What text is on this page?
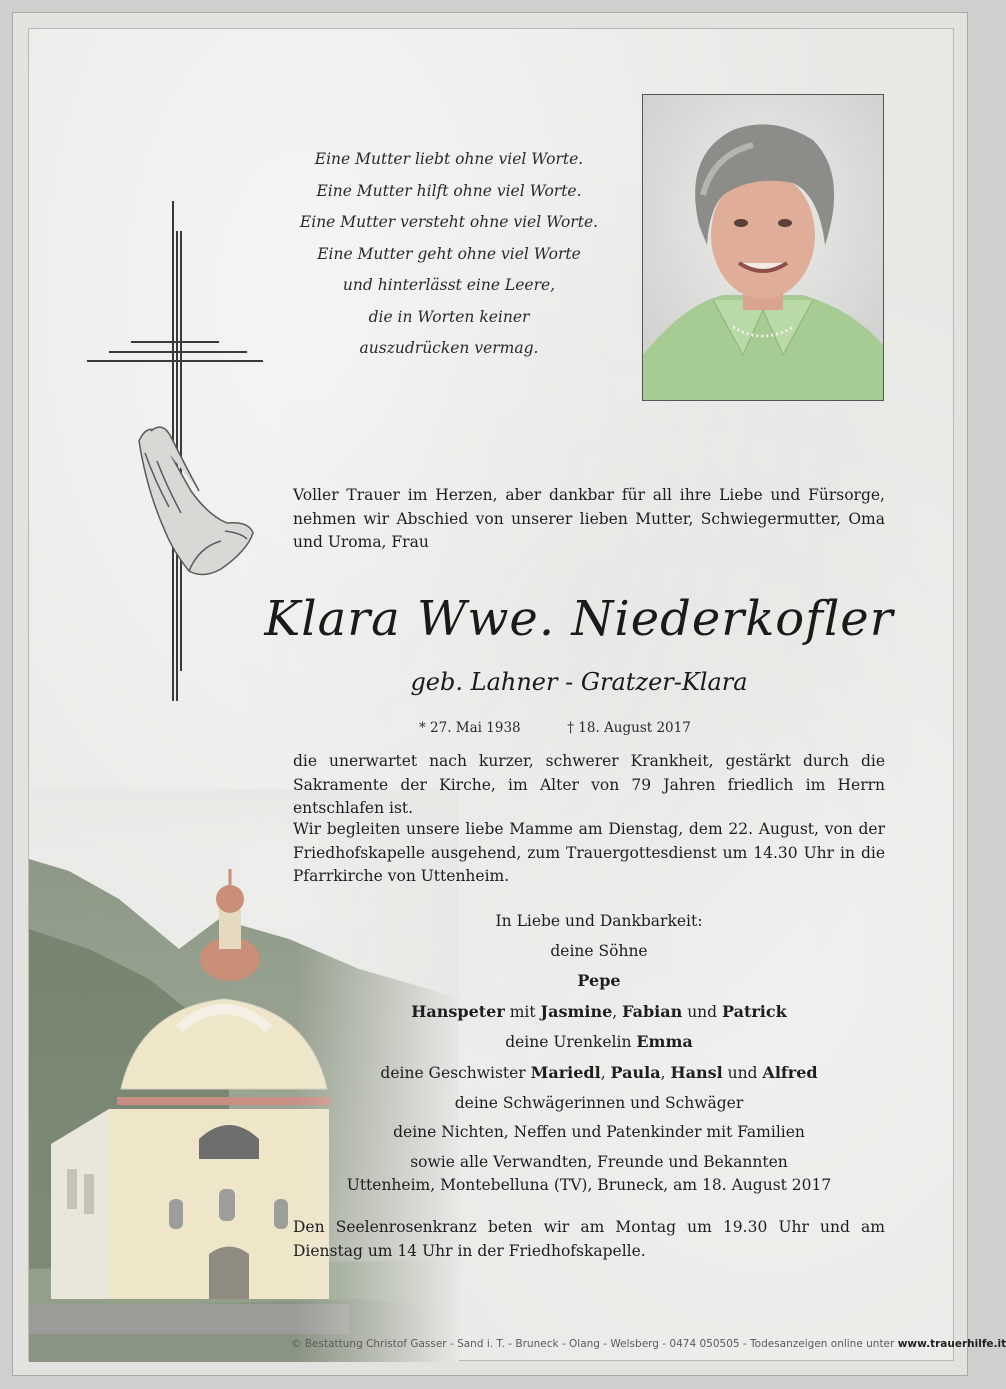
Eine Mutter liebt ohne viel Worte.
Eine Mutter hilft ohne viel Worte.
Eine Mutter versteht ohne viel Worte.
Eine Mutter geht ohne viel Worte
und hinterlässt eine Leere,
die in Worten keiner
auszudrücken vermag.
Voller Trauer im Herzen, aber dankbar für all ihre Liebe und Fürsorge, nehmen wir Abschied von unserer lieben Mutter, Schwiegermutter, Oma und Uroma, Frau
Klara Wwe. Niederkofler
geb. Lahner - Gratzer-Klara
* 27. Mai 1938	† 18. August 2017
die unerwartet nach kurzer, schwerer Krankheit, gestärkt durch die Sakramente der Kirche, im Alter von 79 Jahren friedlich im Herrn entschlafen ist.
Wir begleiten unsere liebe Mamme am Dienstag, dem 22. August, von der Friedhofskapelle ausgehend, zum Trauergottesdienst um 14.30 Uhr in die Pfarrkirche von Uttenheim.
In Liebe und Dankbarkeit:
deine Söhne
Pepe
Hanspeter mit Jasmine, Fabian und Patrick
deine Urenkelin Emma
deine Geschwister Mariedl, Paula, Hansl und Alfred
deine Schwägerinnen und Schwäger
deine Nichten, Neffen und Patenkinder mit Familien
sowie alle Verwandten, Freunde und Bekannten
Uttenheim, Montebelluna (TV), Bruneck, am 18. August 2017
Den Seelenrosenkranz beten wir am Montag um 19.30 Uhr und am Dienstag um 14 Uhr in der Friedhofskapelle.
© Bestattung Christof Gasser - Sand i. T. - Bruneck - Olang - Welsberg - 0474 050505 - Todesanzeigen online unter www.trauerhilfe.it
